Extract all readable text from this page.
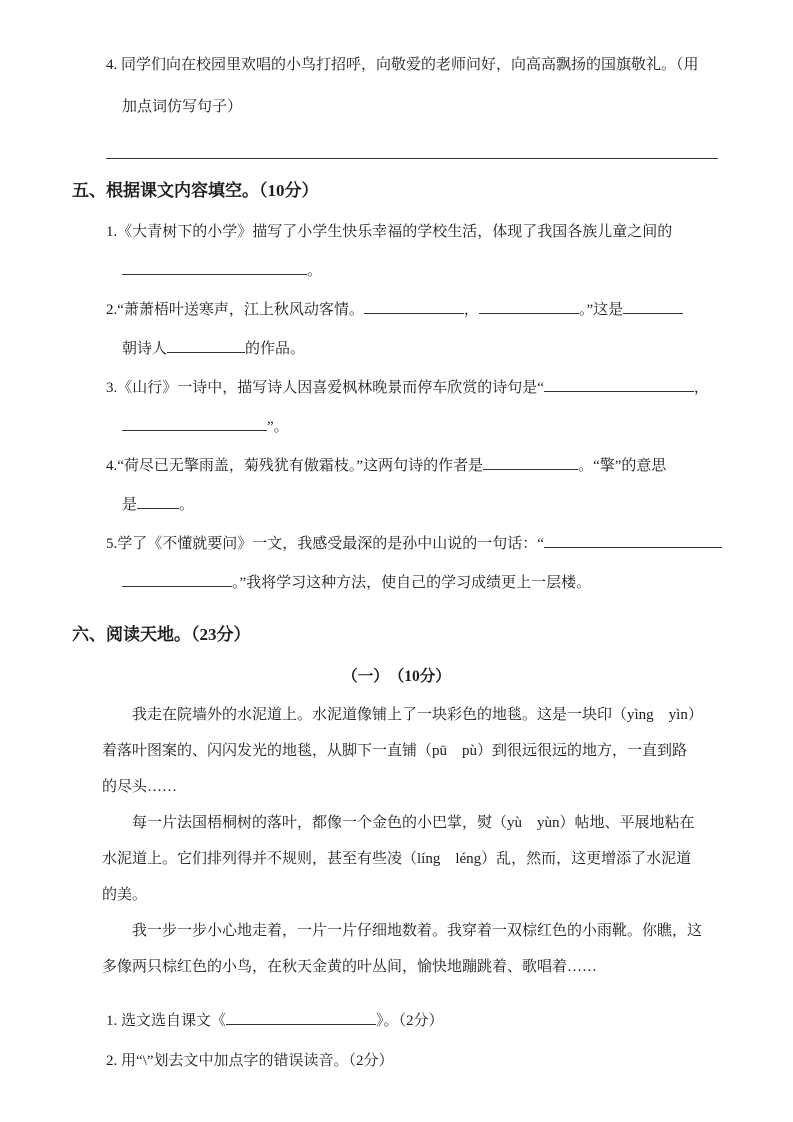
4. 同学们向在校园里欢唱的小鸟打招呼，向敬爱的老师问好，向高高飘扬的国旗敬礼。（用

加点词仿写句子）

五、根据课文内容填空。（10分）

1.《大青树下的小学》描写了小学生快乐幸福的学校生活，体现了我国各族儿童之间的

。

2.“萧萧梧叶送寒声，江上秋风动客情。	，	。”这是

朝诗人	的作品。

3.《山行》一诗中，描写诗人因喜爱枫林晚景而停车欣赏的诗句是“	，

”。

4.“荷尽已无擎雨盖，菊残犹有傲霜枝。”这两句诗的作者是	。“擎”的意思

是	。

5.学了《不懂就要问》一文，我感受最深的是孙中山说的一句话：“

。”我将学习这种方法，使自己的学习成绩更上一层楼。

六、阅读天地。（23分）

（一）　（10分）

我走在院墙外的水泥道上。水泥道像铺上了一块彩色的地毯。这是一块印（yìng　yìn）

着落叶图案的、闪闪发光的地毯，从脚下一直铺（pū　pù）到很远很远的地方，一直到路

的尽头……

每一片法国梧桐树的落叶，都像一个金色的小巴掌，熨（yù　yùn）帖地、平展地粘在

水泥道上。它们排列得并不规则，甚至有些凌（líng　léng）乱，然而，这更增添了水泥道

的美。

我一步一步小心地走着，一片一片仔细地数着。我穿着一双棕红色的小雨靴。你瞧，这

多像两只棕红色的小鸟，在秋天金黄的叶丛间，愉快地蹦跳着、歌唱着……

1. 选文选自课文《	》。（2分）

2. 用“\”划去文中加点字的错误读音。（2分）
